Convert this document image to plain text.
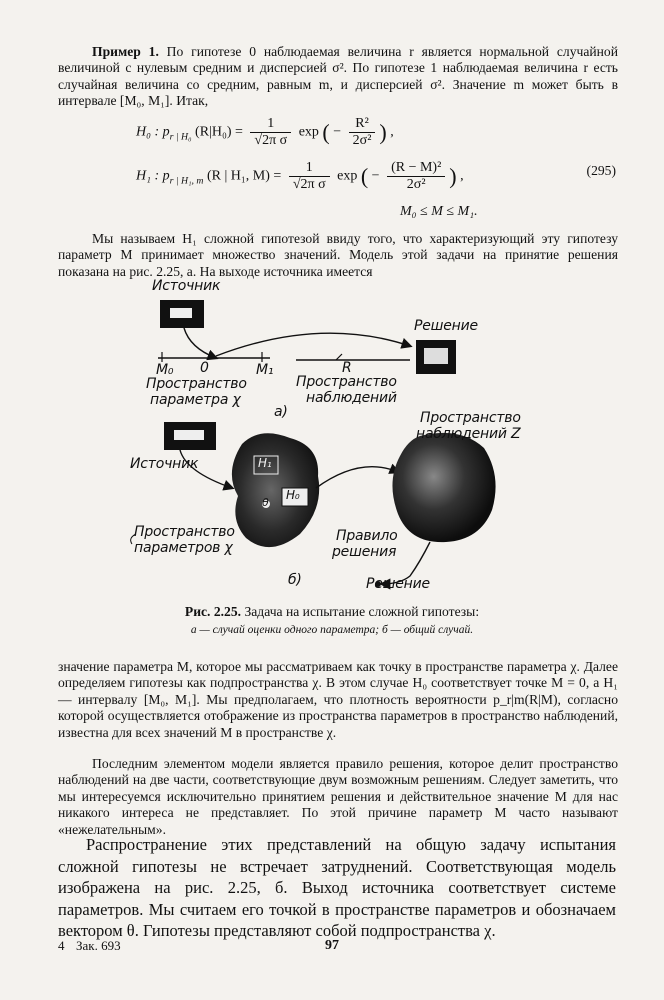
Пример 1. По гипотезе 0 наблюдаемая величина r является нормальной случайной величиной с нулевым средним и дисперсией σ². По гипотезе 1 наблюдаемая величина r есть случайная величина со средним, равным m, и дисперсией σ². Значение m может быть в интервале [M₀, M₁]. Итак,

H₀ : $p_{r | H_0}$ $(R|H_0) = \frac{1}{\text{√2π σ}}$ exp ( − $\frac{\text{R²}}{\text{2σ²}}$ ) ,
H₁ : $p_{r | H_1, m}$ (R | H₁, $M) = \frac{1}{\text{√2π σ}}$ exp ( − $\frac{\text{(R − M)²}}{\text{2σ²}}$ ) ,	(295)
M₀ ≤ M ≤ M₁.

Мы называем H₁ сложной гипотезой ввиду того, что характеризующий эту гипотезу параметр M принимает множество значений. Модель этой задачи на принятие решения показана на рис. 2.25, а. На выходе источника имеется

Источник
Решение
M₀ 0	M₁	R
Пространство
параметра χ
Пространство
наблюдений
а)	Пространство
наблюдений Z
Источник	H₁
H₀
θ
Пространство
параметров χ
Правило
решения
б)	Решение
Рис. 2.25. Задача на испытание сложной гипотезы:
а — случай оценки одного параметра; б — общий случай.

значение параметра M, которое мы рассматриваем как точку в пространстве параметра χ. Далее определяем гипотезы как подпространства χ. В этом случае H₀ соответствует точке M = 0, а H₁ — интервалу [M₀, M₁]. Мы предполагаем, что плотность вероятности p_r|m(R|M), согласно которой осуществляется отображение из пространства параметров в пространство наблюдений, известна для всех значений M в пространстве χ.

Последним элементом модели является правило решения, которое делит пространство наблюдений на две части, соответствующие двум возможным решениям. Следует заметить, что мы интересуемся исключительно принятием решения и действительное значение M для нас никакого интереса не представляет. По этой причине параметр M часто называют «нежелательным».

Распространение этих представлений на общую задачу испытания сложной гипотезы не встречает затруднений. Соответствующая модель изображена на рис. 2.25, б. Выход источника соответствует системе параметров. Мы считаем его точкой в пространстве параметров и обозначаем вектором θ. Гипотезы представляют собой подпространства χ.

4 Зак. 693	97
